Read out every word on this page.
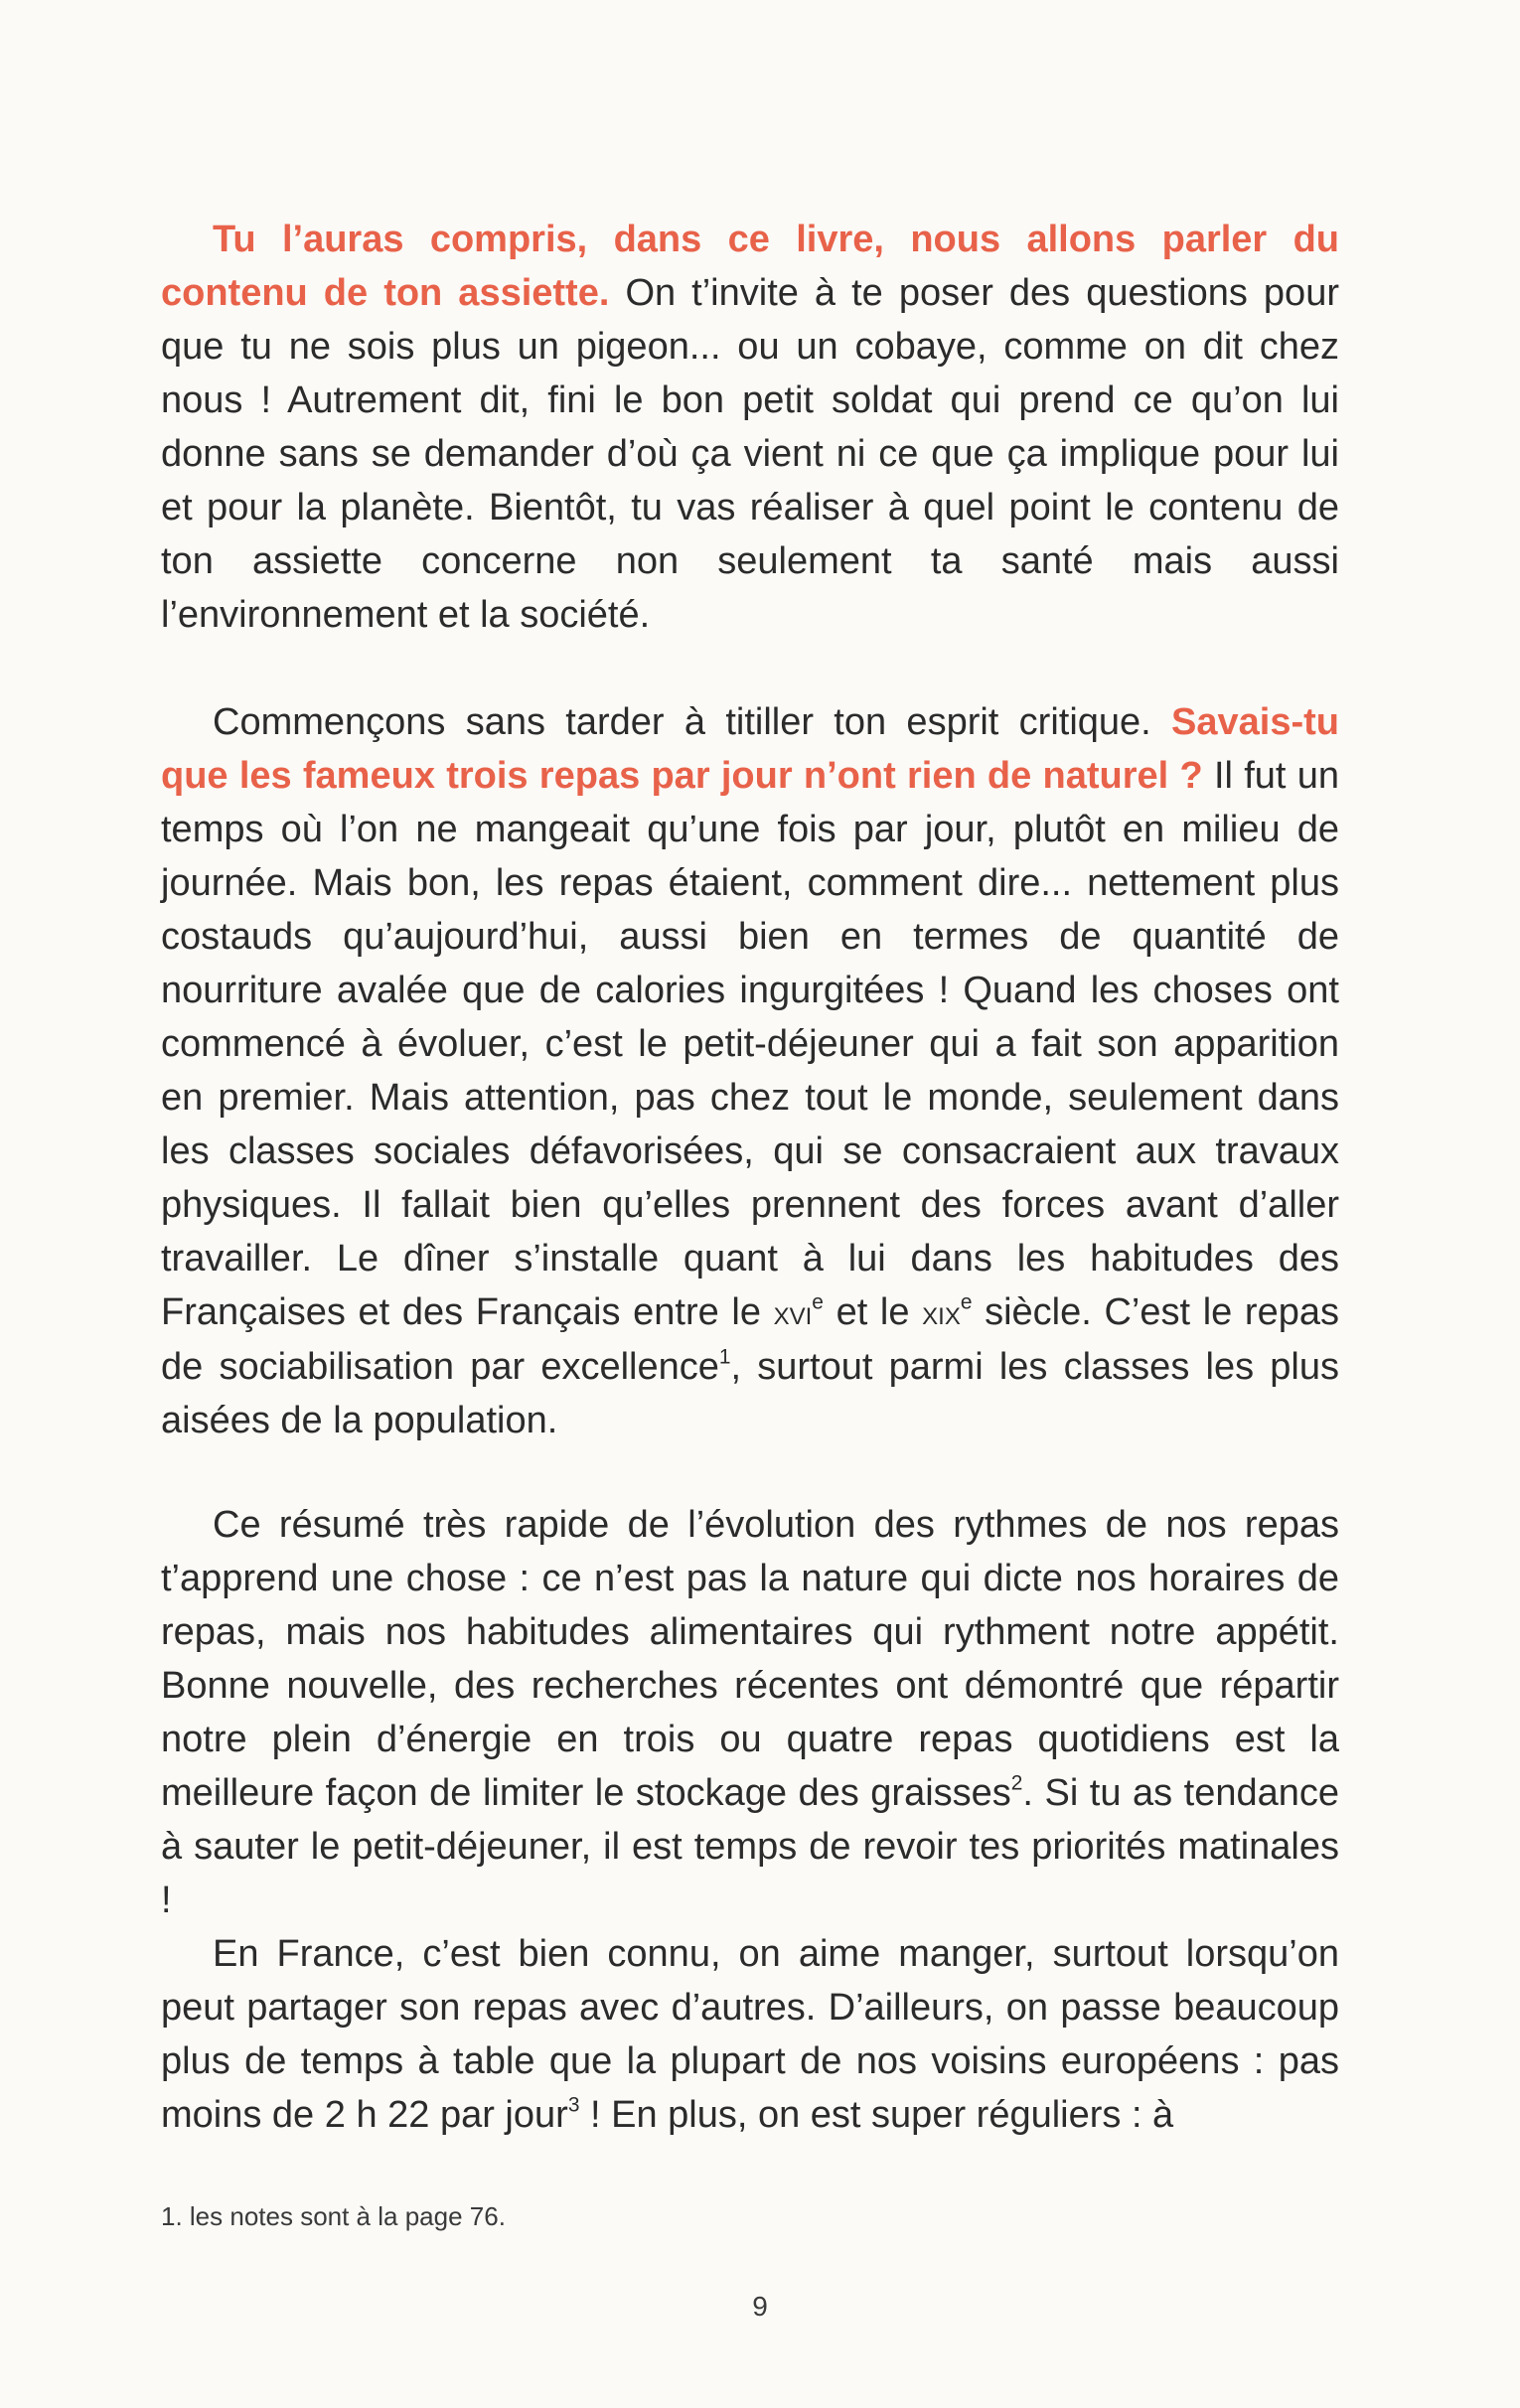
Tu l’auras compris, dans ce livre, nous allons parler du contenu de ton assiette. On t’invite à te poser des questions pour que tu ne sois plus un pigeon... ou un cobaye, comme on dit chez nous ! Autrement dit, fini le bon petit soldat qui prend ce qu’on lui donne sans se demander d’où ça vient ni ce que ça implique pour lui et pour la planète. Bientôt, tu vas réaliser à quel point le contenu de ton assiette concerne non seulement ta santé mais aussi l’environnement et la société.

Commençons sans tarder à titiller ton esprit critique. Savais-tu que les fameux trois repas par jour n’ont rien de naturel ? Il fut un temps où l’on ne mangeait qu’une fois par jour, plutôt en milieu de journée. Mais bon, les repas étaient, comment dire... nettement plus costauds qu’aujourd’hui, aussi bien en termes de quantité de nourriture avalée que de calories ingurgitées ! Quand les choses ont commencé à évoluer, c’est le petit-déjeuner qui a fait son apparition en premier. Mais attention, pas chez tout le monde, seulement dans les classes sociales défavorisées, qui se consacraient aux travaux physiques. Il fallait bien qu’elles prennent des forces avant d’aller travailler. Le dîner s’installe quant à lui dans les habitudes des Françaises et des Français entre le xvi$^e$ et le xix$^e$ siècle. C’est le repas de sociabilisation par excellence$^1$, surtout parmi les classes les plus aisées de la population.

Ce résumé très rapide de l’évolution des rythmes de nos repas t’apprend une chose : ce n’est pas la nature qui dicte nos horaires de repas, mais nos habitudes alimentaires qui rythment notre appétit. Bonne nouvelle, des recherches récentes ont démontré que répartir notre plein d’énergie en trois ou quatre repas quotidiens est la meilleure façon de limiter le stockage des graisses$^2$. Si tu as tendance à sauter le petit-déjeuner, il est temps de revoir tes priorités matinales !

En France, c’est bien connu, on aime manger, surtout lorsqu’on peut partager son repas avec d’autres. D’ailleurs, on passe beaucoup plus de temps à table que la plupart de nos voisins européens : pas moins de 2 h 22 par jour$^3$ ! En plus, on est super réguliers : à

1. les notes sont à la page 76.
9
